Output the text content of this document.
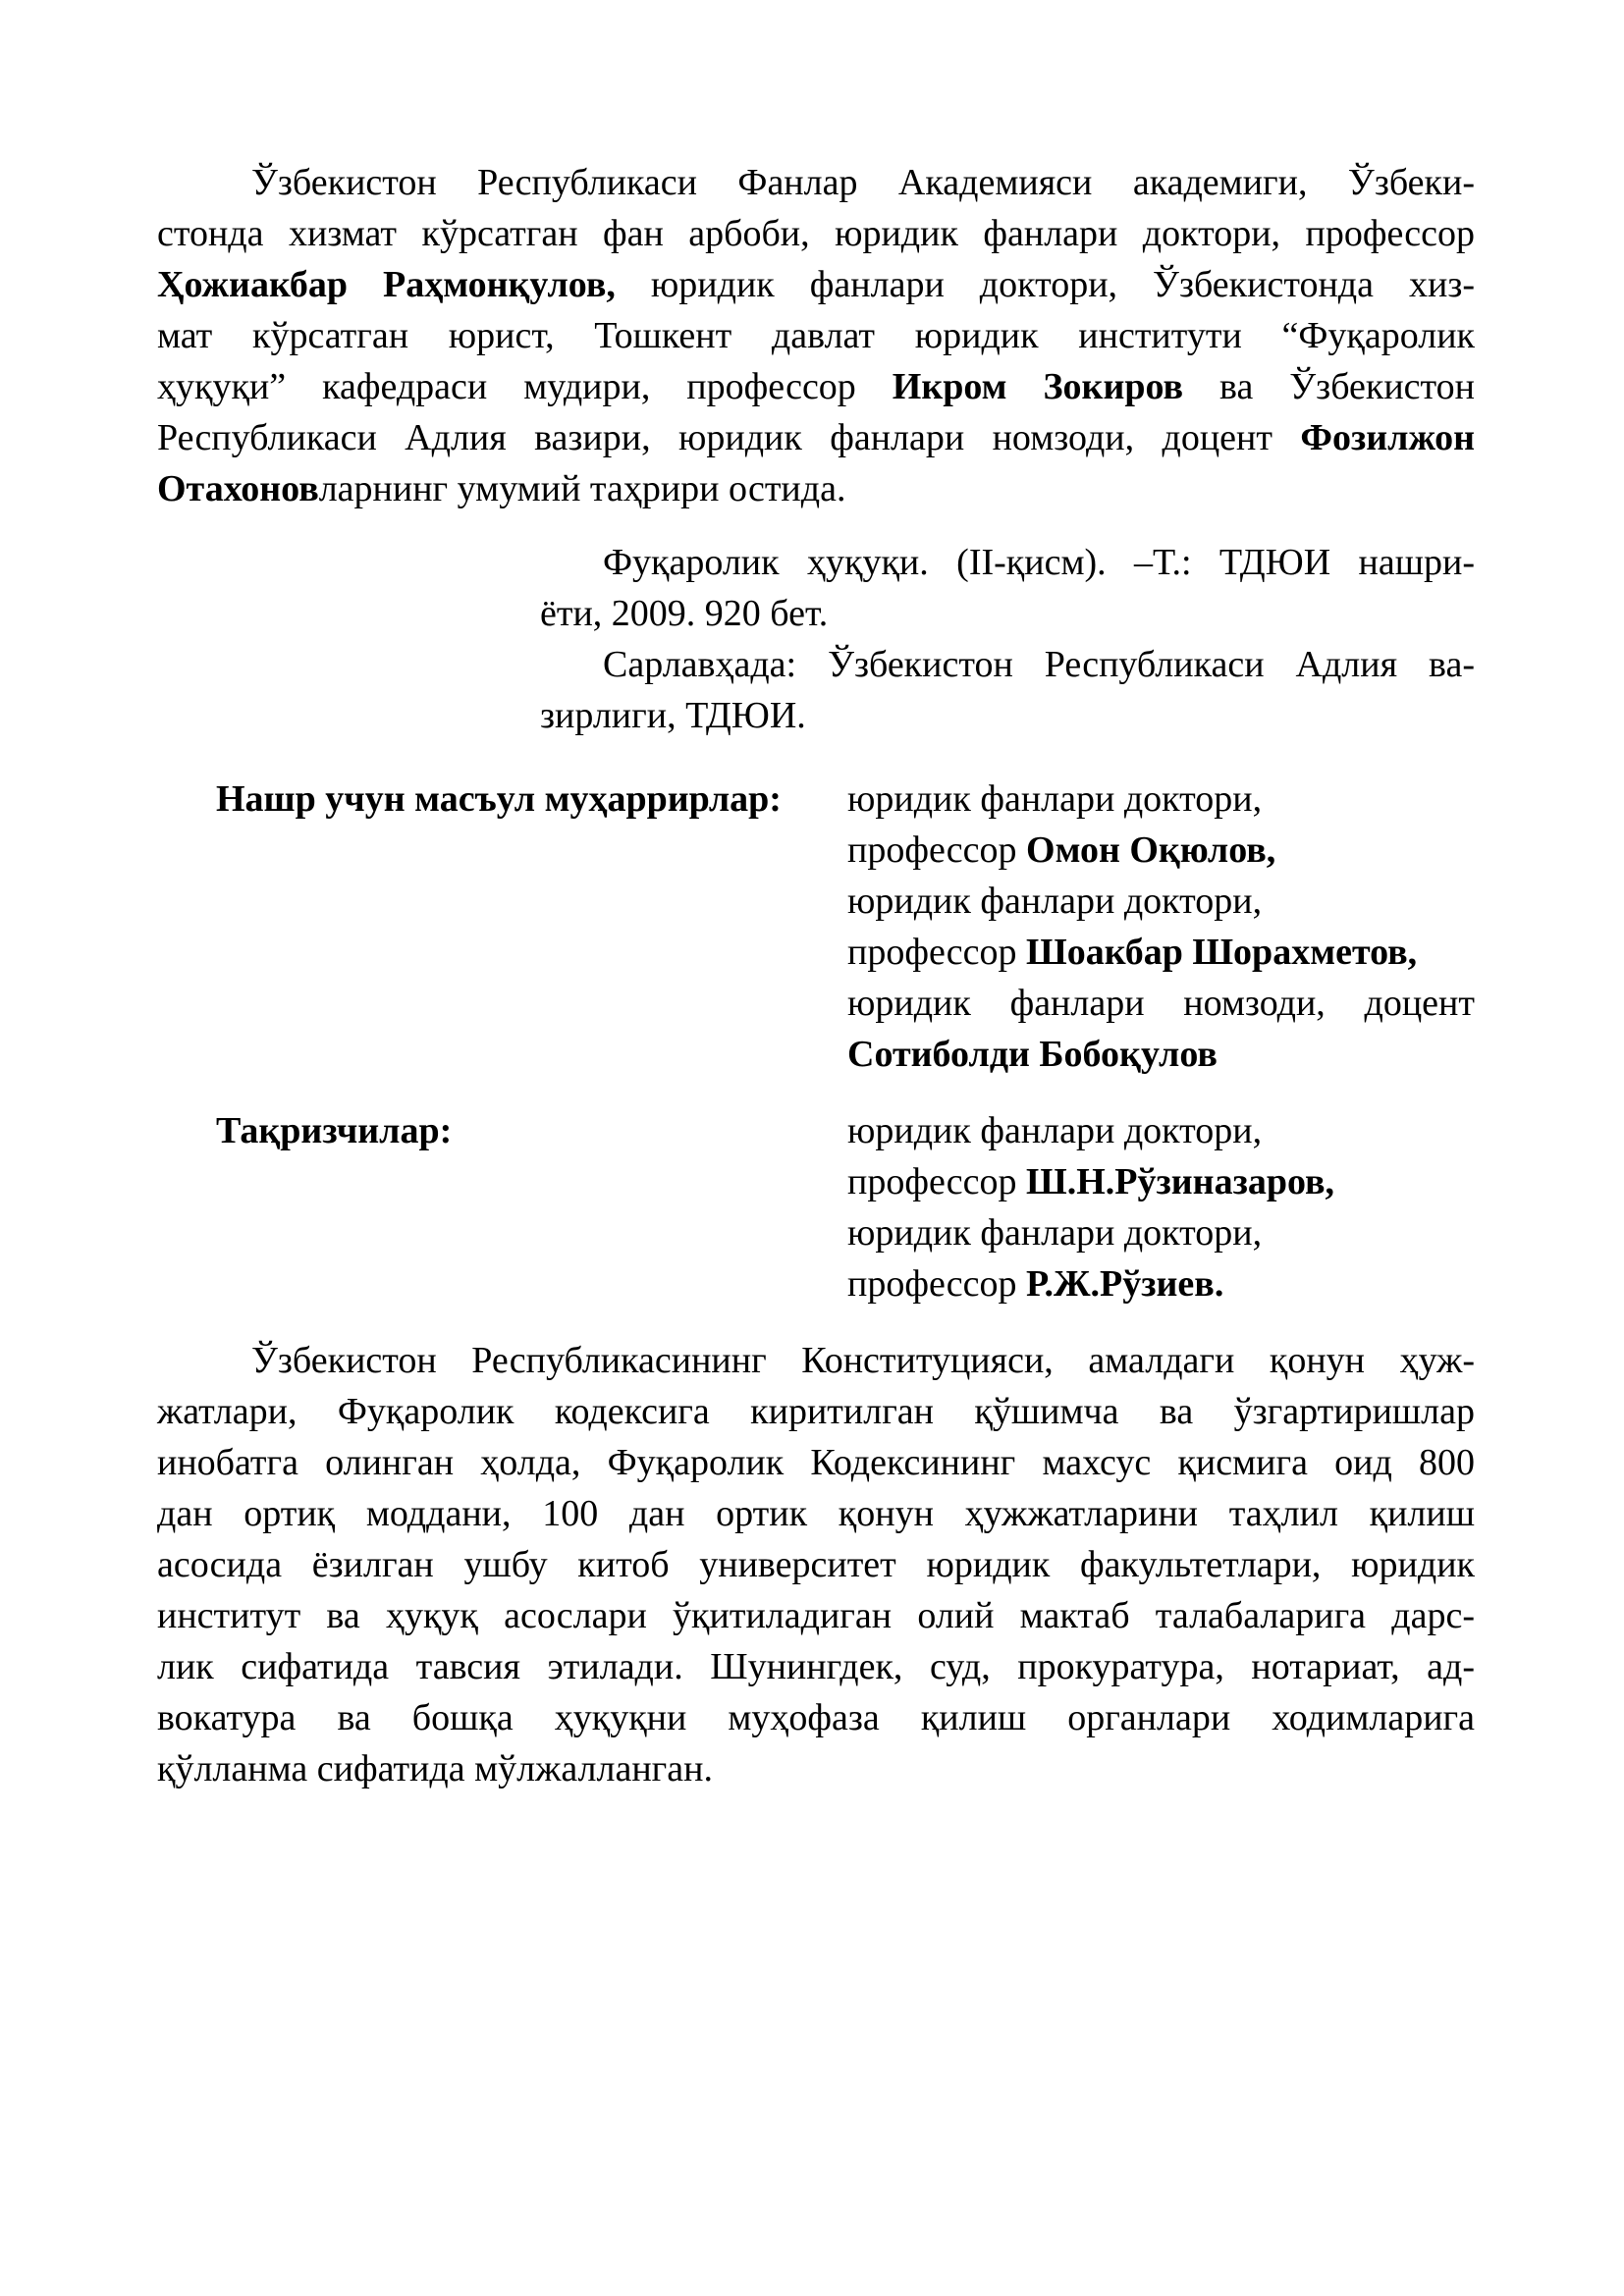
Ўзбекистон Республикаси Фанлар Академияси академиги, Ўзбеки-
стонда хизмат кўрсатган фан арбоби, юридик фанлари доктори, профессор
Ҳожиакбар Раҳмонқулов, юридик фанлари доктори, Ўзбекистонда хиз-
мат кўрсатган юрист, Тошкент давлат юридик институти “Фуқаролик
ҳуқуқи” кафедраси мудири, профессор Икром Зокиров ва Ўзбекистон
Республикаси Адлия вазири, юридик фанлари номзоди, доцент Фозилжон
Отахоновларнинг умумий таҳрири остида.
Фуқаролик ҳуқуқи. (II-қисм). –Т.: ТДЮИ нашри-
ёти, 2009. 920 бет.
Сарлавҳада: Ўзбекистон Республикаси Адлия ва-
зирлиги, ТДЮИ.
Нашр учун масъул муҳаррирлар: юридик фанлари доктори,
профессор Омон Оқюлов,
юридик фанлари доктори,
профессор Шоакбар Шорахметов,
юридик фанлари номзоди, доцент
Сотиболди Бобоқулов
Тақризчилар:	юридик фанлари доктори,
профессор Ш.Н.Рўзиназаров,
юридик фанлари доктори,
профессор Р.Ж.Рўзиев.
Ўзбекистон Республикасининг Конституцияси, амалдаги қонун ҳуж-
жатлари, Фуқаролик кодексига киритилган қўшимча ва ўзгартиришлар
инобатга олинган ҳолда, Фуқаролик Кодексининг махсус қисмига оид 800
дан ортиқ моддани, 100 дан ортик қонун ҳужжатларини таҳлил қилиш
асосида ёзилган ушбу китоб университет юридик факультетлари, юридик
институт ва ҳуқуқ асослари ўқитиладиган олий мактаб талабаларига дарс-
лик сифатида тавсия этилади. Шунингдек, суд, прокуратура, нотариат, ад-
вокатура ва бошқа ҳуқуқни муҳофаза қилиш органлари ходимларига
қўлланма сифатида мўлжалланган.
